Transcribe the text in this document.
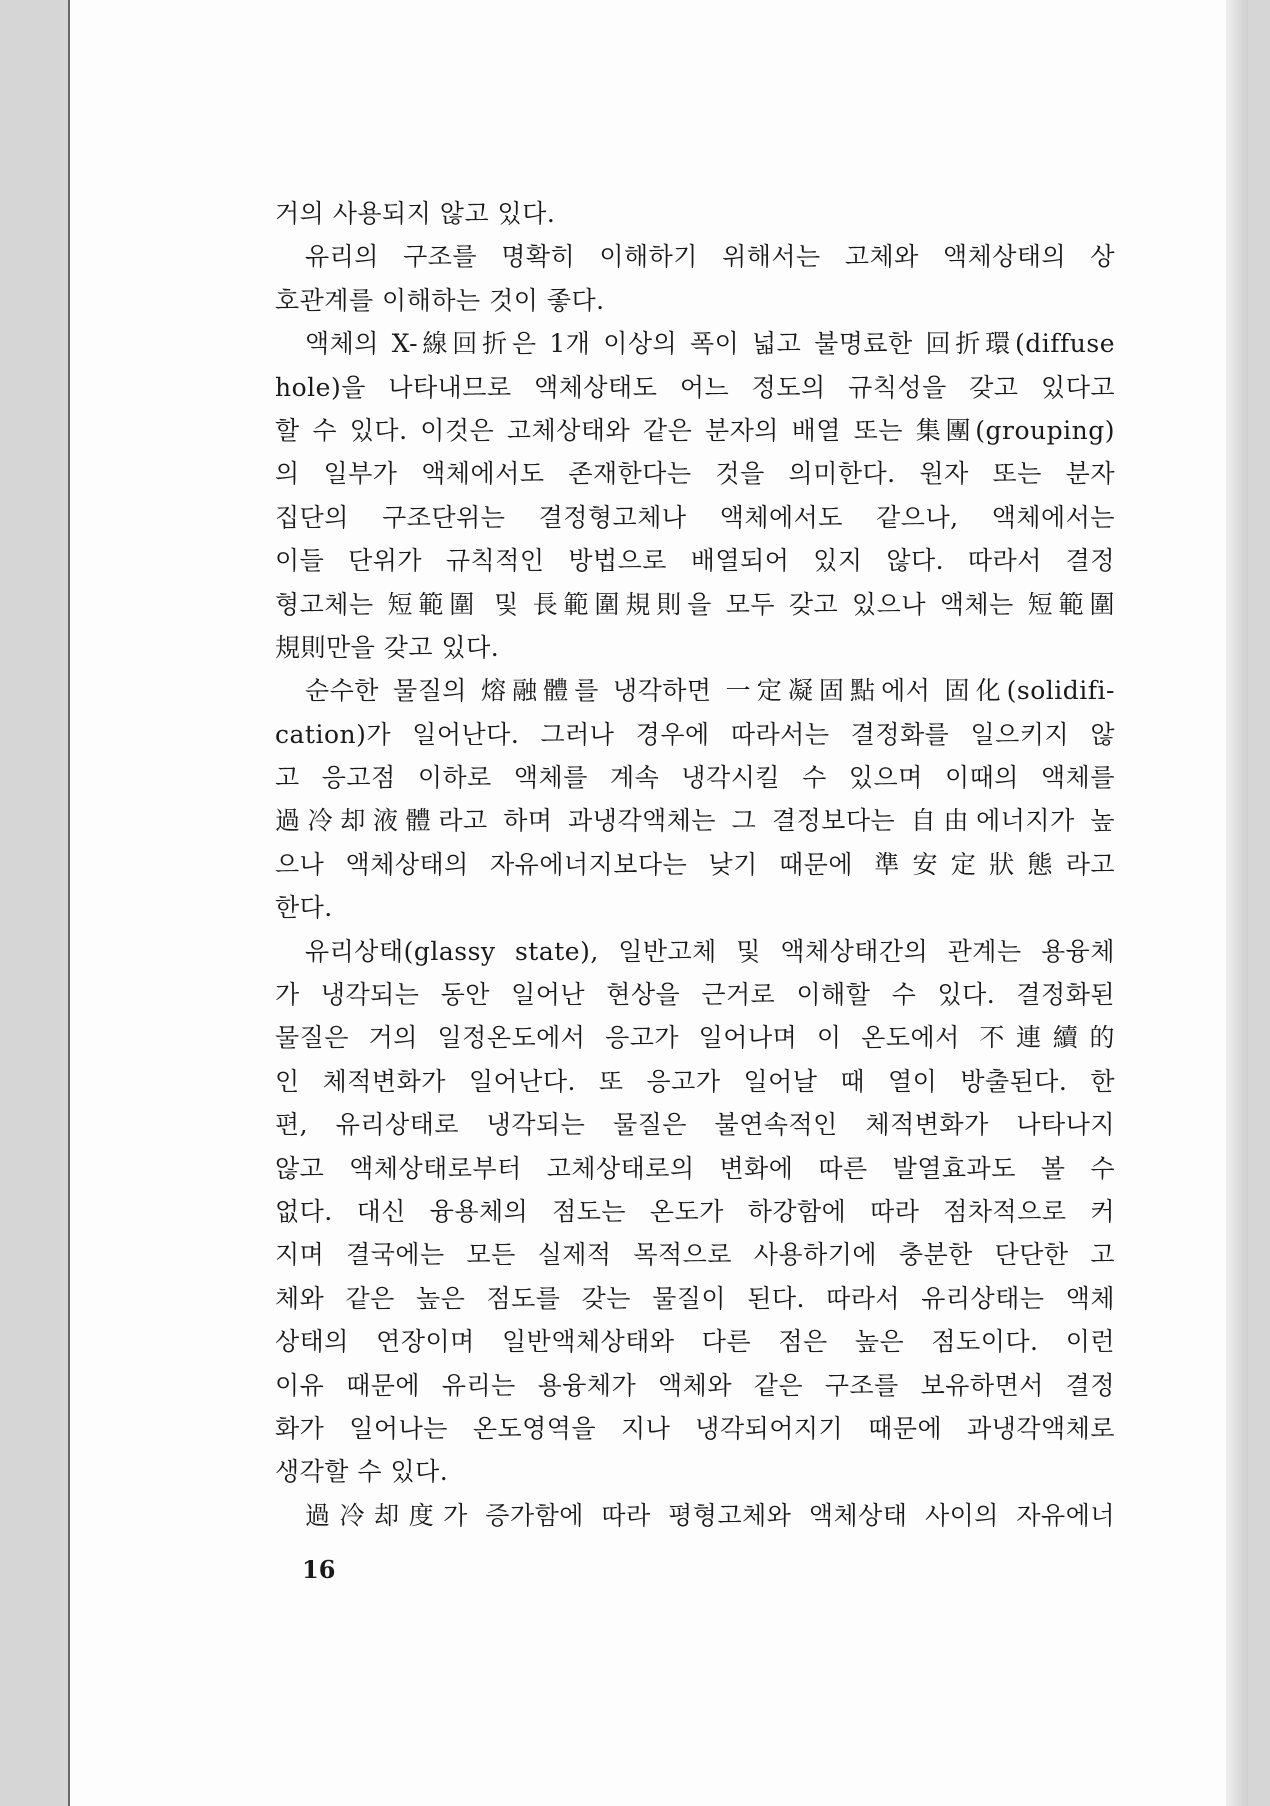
거의 사용되지 않고 있다.
유리의 구조를 명확히 이해하기 위해서는 고체와 액체상태의 상
호관계를 이해하는 것이 좋다.
액체의 X-線回折은 1개 이상의 폭이 넓고 불명료한 回折環(diffuse
hole)을 나타내므로 액체상태도 어느 정도의 규칙성을 갖고 있다고
할 수 있다. 이것은 고체상태와 같은 분자의 배열 또는 集團(grouping)
의 일부가 액체에서도 존재한다는 것을 의미한다. 원자 또는 분자
집단의 구조단위는 결정형고체나 액체에서도 같으나, 액체에서는
이들 단위가 규칙적인 방법으로 배열되어 있지 않다. 따라서 결정
형고체는 短範圍 및 長範圍規則을 모두 갖고 있으나 액체는 短範圍
規則만을 갖고 있다.
순수한 물질의 熔融體를 냉각하면 一定凝固點에서 固化(solidifi-
cation)가 일어난다. 그러나 경우에 따라서는 결정화를 일으키지 않
고 응고점 이하로 액체를 계속 냉각시킬 수 있으며 이때의 액체를
過冷却液體라고 하며 과냉각액체는 그 결정보다는 自由에너지가 높
으나 액체상태의 자유에너지보다는 낮기 때문에 準安定狀態라고
한다.
유리상태(glassy state), 일반고체 및 액체상태간의 관계는 용융체
가 냉각되는 동안 일어난 현상을 근거로 이해할 수 있다. 결정화된
물질은 거의 일정온도에서 응고가 일어나며 이 온도에서 不連續的
인 체적변화가 일어난다. 또 응고가 일어날 때 열이 방출된다. 한
편, 유리상태로 냉각되는 물질은 불연속적인 체적변화가 나타나지
않고 액체상태로부터 고체상태로의 변화에 따른 발열효과도 볼 수
없다. 대신 융용체의 점도는 온도가 하강함에 따라 점차적으로 커
지며 결국에는 모든 실제적 목적으로 사용하기에 충분한 단단한 고
체와 같은 높은 점도를 갖는 물질이 된다. 따라서 유리상태는 액체
상태의 연장이며 일반액체상태와 다른 점은 높은 점도이다. 이런
이유 때문에 유리는 용융체가 액체와 같은 구조를 보유하면서 결정
화가 일어나는 온도영역을 지나 냉각되어지기 때문에 과냉각액체로
생각할 수 있다.
過冷却度가 증가함에 따라 평형고체와 액체상태 사이의 자유에너
16
